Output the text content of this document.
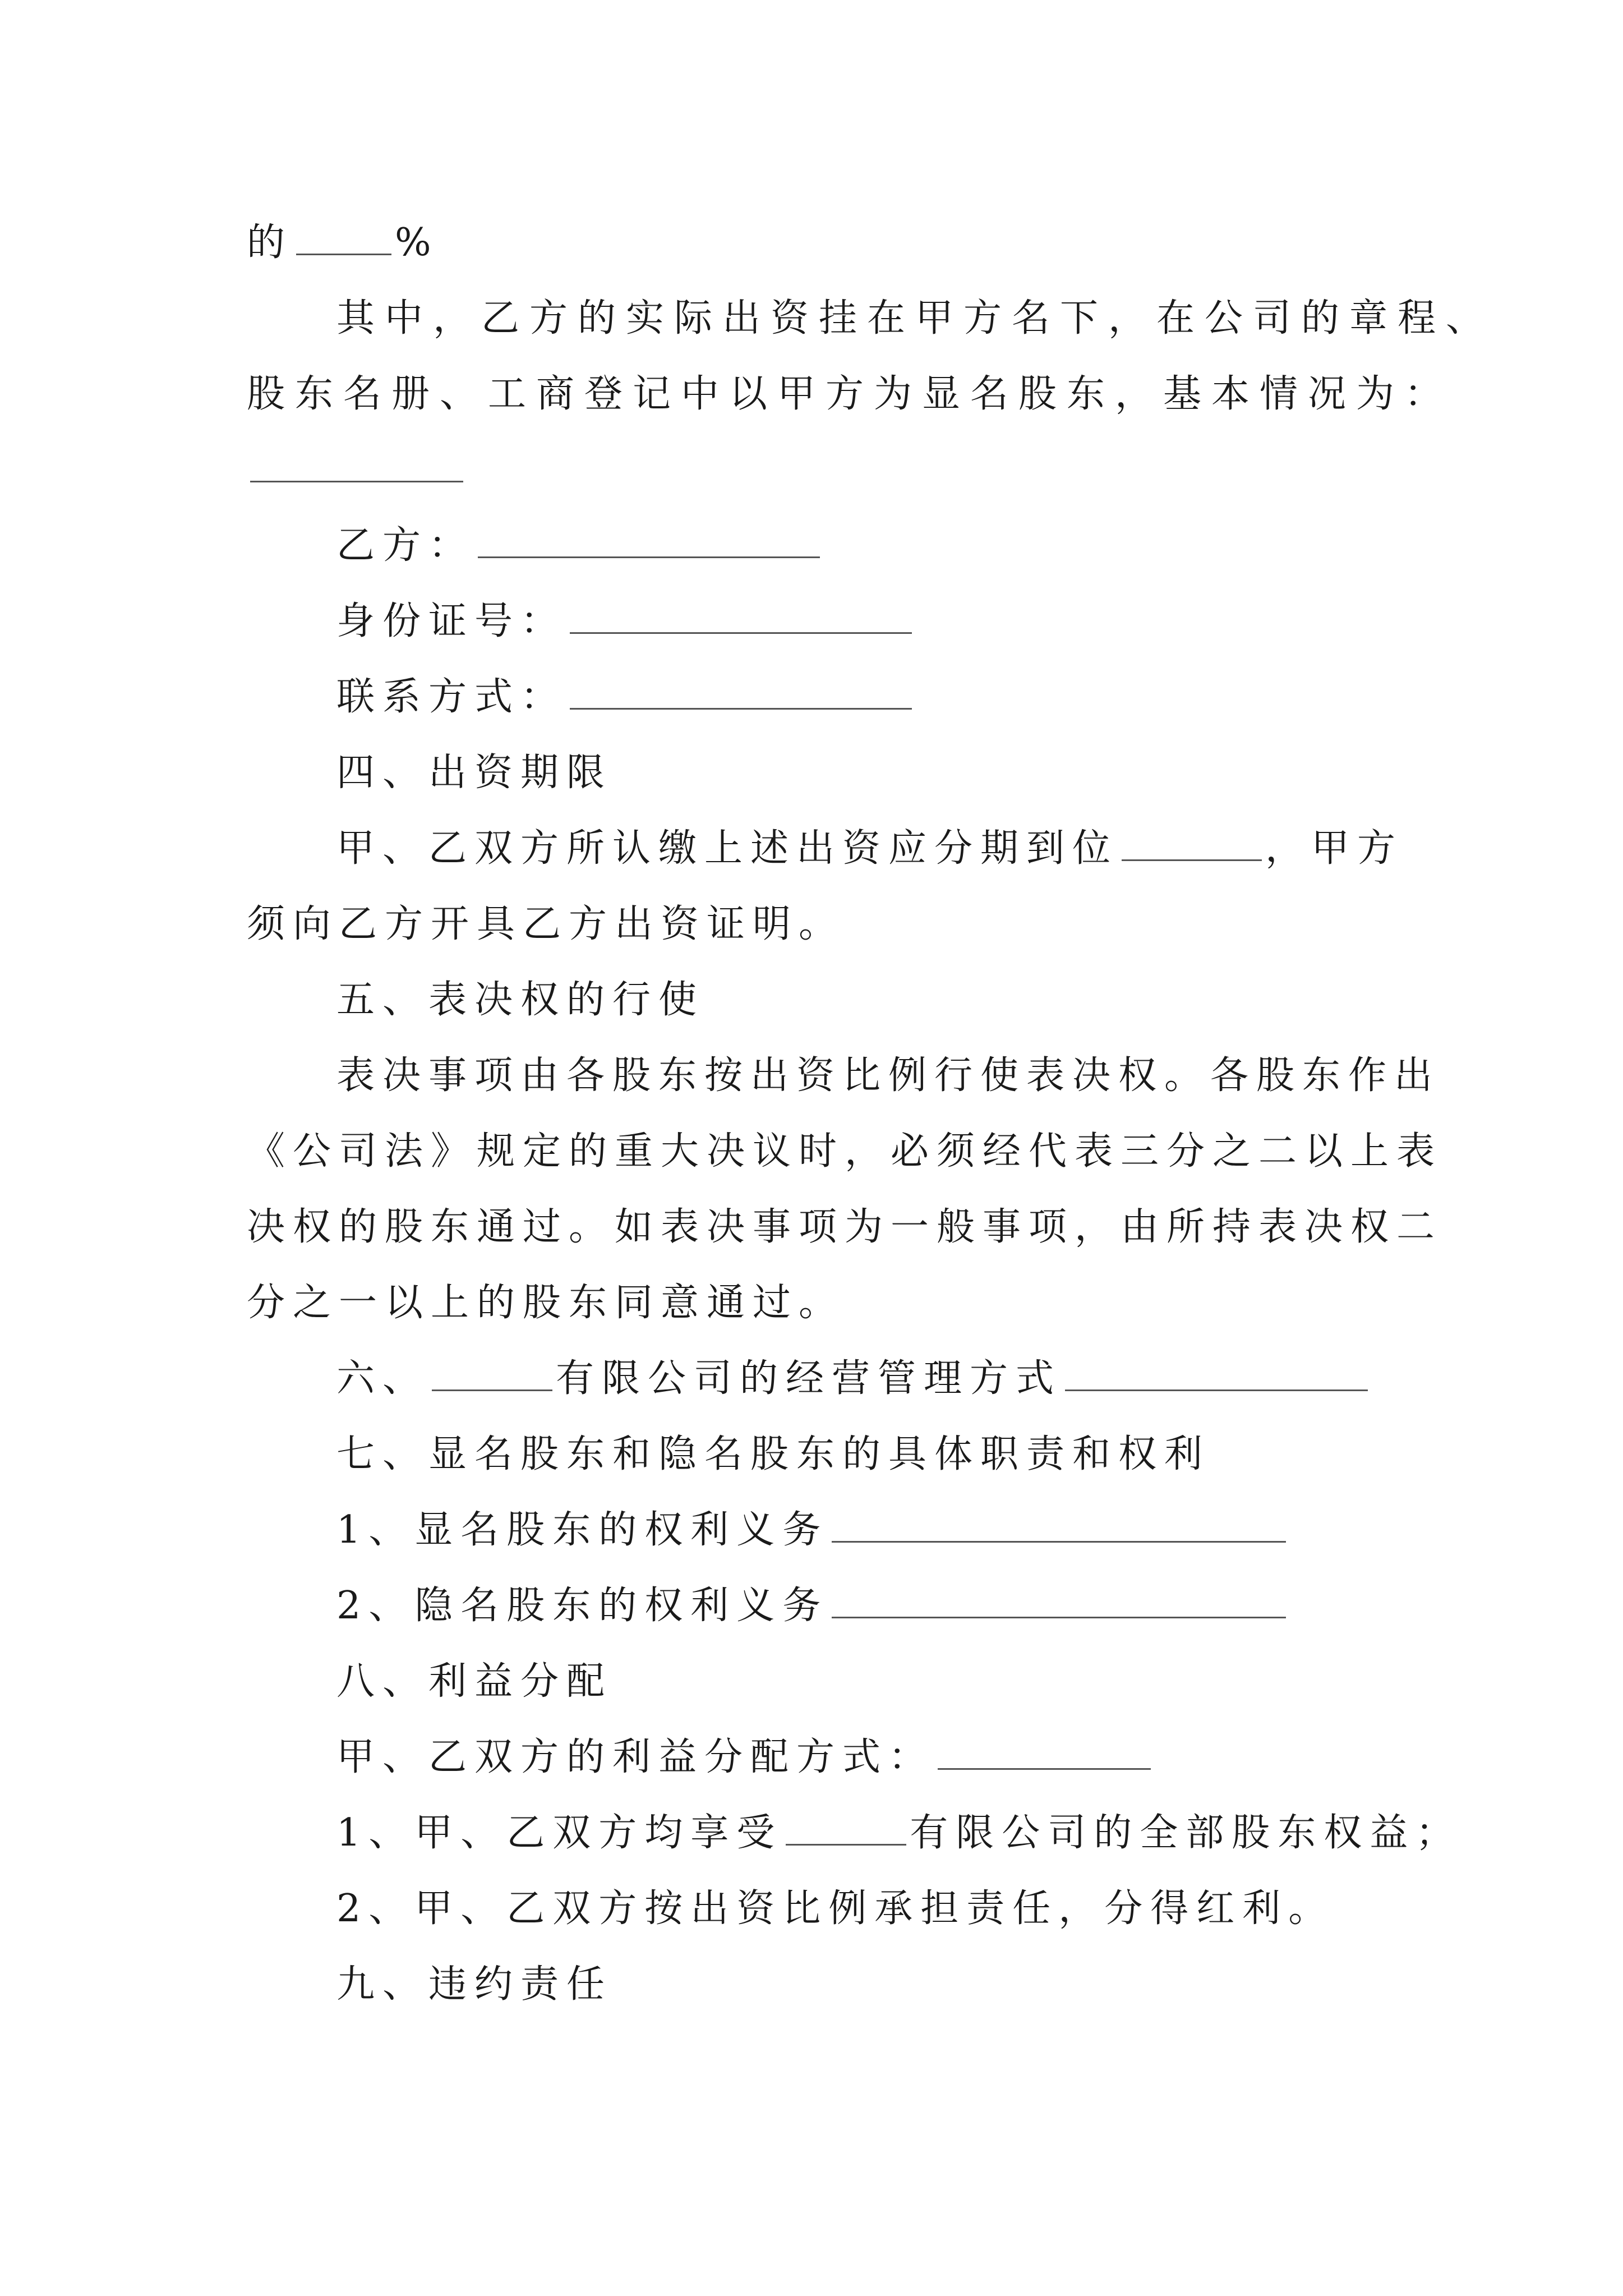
的	%
其中，乙方的实际出资挂在甲方名下，在公司的章程、
股东名册、工商登记中以甲方为显名股东，基本情况为：
乙方：
身份证号：
联系方式：
四、出资期限
甲、乙双方所认缴上述出资应分期到位	，甲方
须向乙方开具乙方出资证明。
五、表决权的行使
表决事项由各股东按出资比例行使表决权。各股东作出
《公司法》规定的重大决议时，必须经代表三分之二以上表
决权的股东通过。如表决事项为一般事项，由所持表决权二
分之一以上的股东同意通过。
六、	有限公司的经营管理方式
七、显名股东和隐名股东的具体职责和权利
1、显名股东的权利义务
2、隐名股东的权利义务
八、利益分配
甲、乙双方的利益分配方式：
1、甲、乙双方均享受	有限公司的全部股东权益；
2、甲、乙双方按出资比例承担责任，分得红利。
九、违约责任
